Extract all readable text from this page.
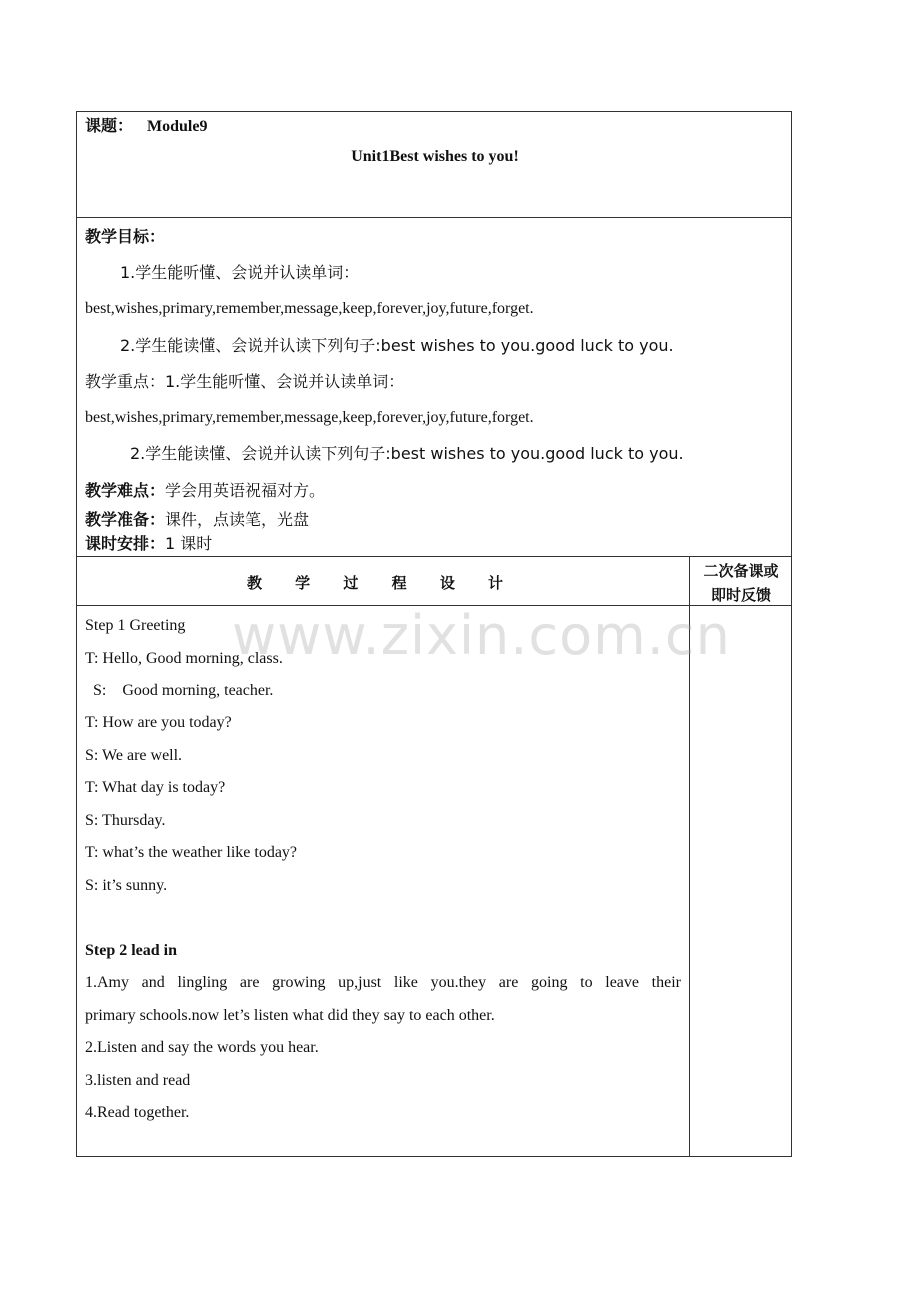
www.zixin.com.cn
课题： Module9
Unit1Best wishes to you!
教学目标：
1.学生能听懂、会说并认读单词：
best,wishes,primary,remember,message,keep,forever,joy,future,forget.
2.学生能读懂、会说并认读下列句子:best wishes to you.good luck to you.
教学重点：1.学生能听懂、会说并认读单词：
best,wishes,primary,remember,message,keep,forever,joy,future,forget.
2.学生能读懂、会说并认读下列句子:best wishes to you.good luck to you.
教学难点：学会用英语祝福对方。
教学准备：课件，点读笔，光盘
课时安排：1 课时
教 学 过 程 设 计
二次备课或
即时反馈
Step 1 Greeting
T: Hello, Good morning, class.
S:    Good morning, teacher.
T: How are you today?
S: We are well.
T: What day is today?
S: Thursday.
T: what’s the weather like today?
S: it’s sunny.
Step 2 lead in
1.Amy and lingling are growing up,just like you.they are going to leave their
primary schools.now let’s listen what did they say to each other.
2.Listen and say the words you hear.
3.listen and read
4.Read together.
